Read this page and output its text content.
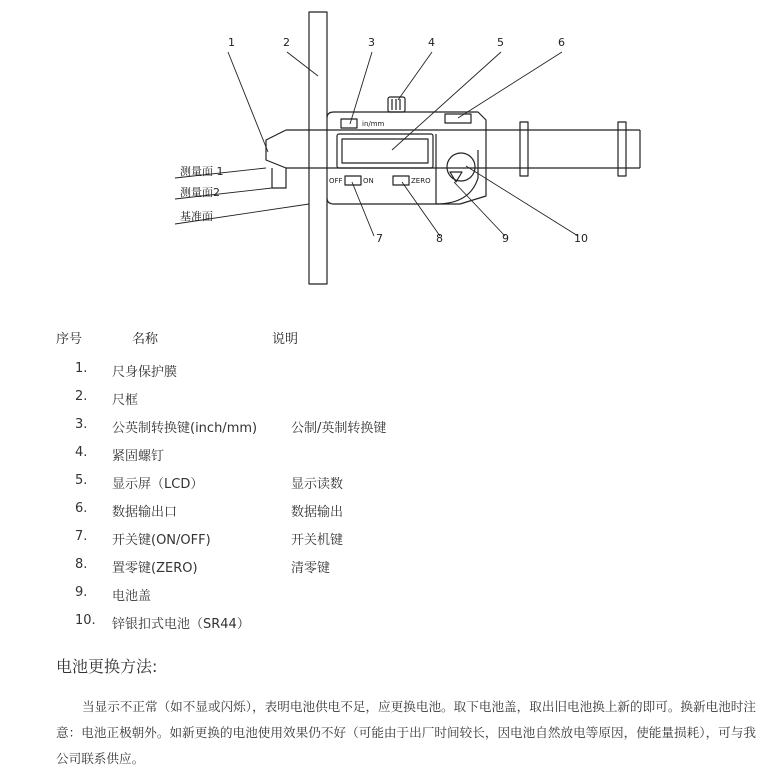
in/mm
OFF	ON	ZERO
1	2	3	4	5	6
7	8	9	10
测量面 1
测量面2
基准面
序号	名称	说明
1. 尺身保护膜
2. 尺框
3. 公英制转换键(inch/mm)	公制/英制转换键
4. 紧固螺钉
5. 显示屏（LCD）	显示读数
6. 数据输出口	数据输出
7. 开关键(ON/OFF)	开关机键
8. 置零键(ZERO)	清零键
9. 电池盖
10. 锌银扣式电池（SR44）
电池更换方法:

当显示不正常（如不显或闪烁），表明电池供电不足，应更换电池。取下电池盖，取出旧电池换上新的即可。换新电池时注意：电池正极朝外。如新更换的电池使用效果仍不好（可能由于出厂时间较长，因电池自然放电等原因，使能量损耗），可与我公司联系供应。
